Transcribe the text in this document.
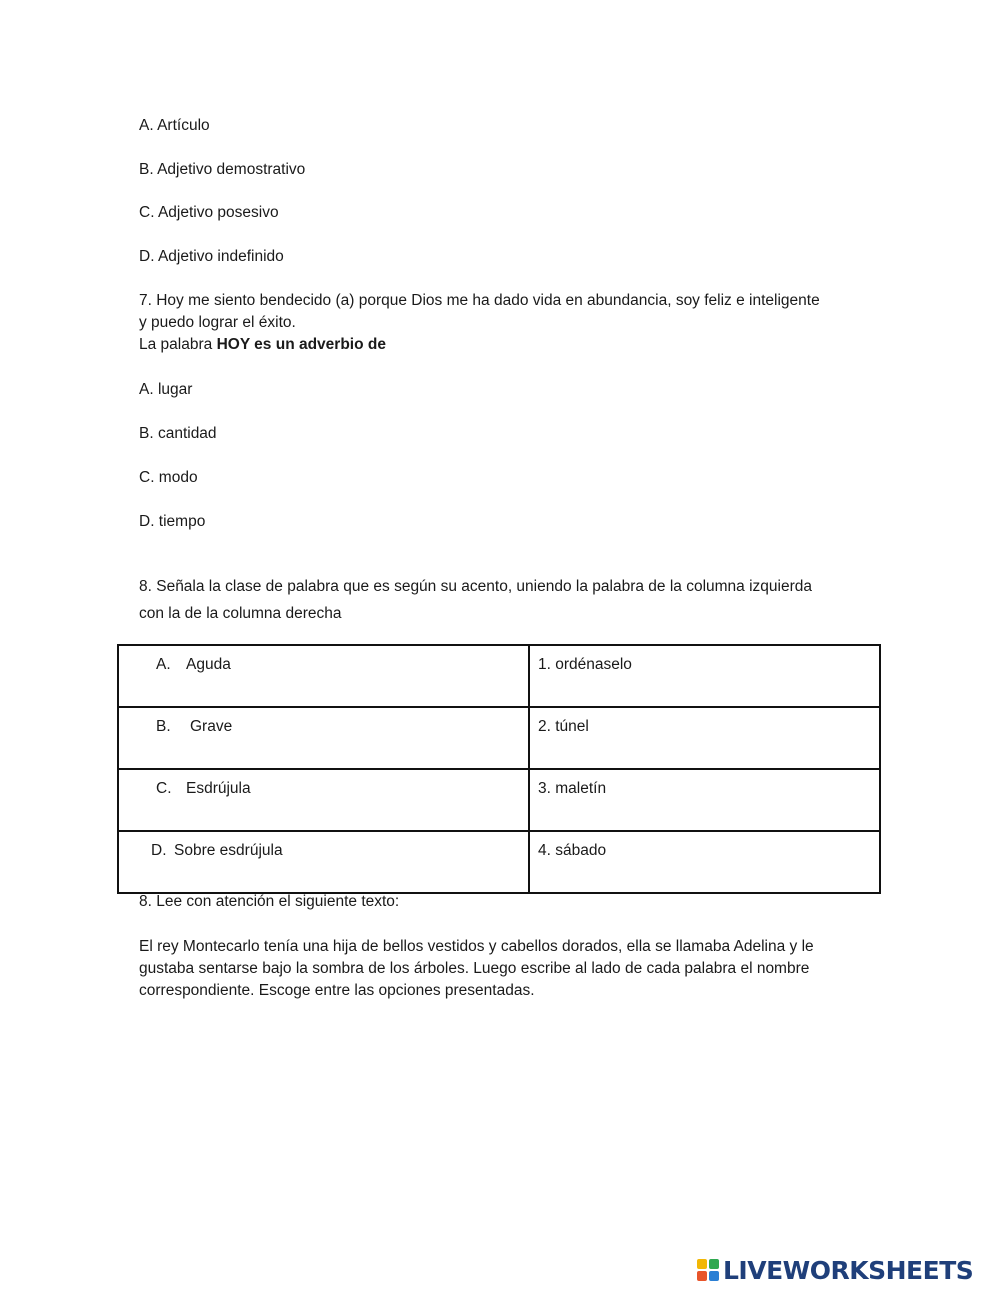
A. Artículo
B. Adjetivo demostrativo
C. Adjetivo posesivo
D. Adjetivo indefinido
7. Hoy me siento bendecido (a) porque Dios me ha dado vida en abundancia, soy feliz e inteligente
y puedo lograr el éxito.
La palabra HOY es un adverbio de
A. lugar
B. cantidad
C. modo
D. tiempo
8. Señala la clase de palabra que es según su acento, uniendo la palabra de la columna izquierda
con la de la columna derecha
A. Aguda	1. ordénaselo
B. Grave	2. túnel
C. Esdrújula	3. maletín
D. Sobre esdrújula	4. sábado
8. Lee con atención el siguiente texto:
El rey Montecarlo tenía una hija de bellos vestidos y cabellos dorados, ella se llamaba Adelina y le gustaba sentarse bajo la sombra de los árboles. Luego escribe al lado de cada palabra el nombre correspondiente. Escoge entre las opciones presentadas.
LIVEWORKSHEETS
